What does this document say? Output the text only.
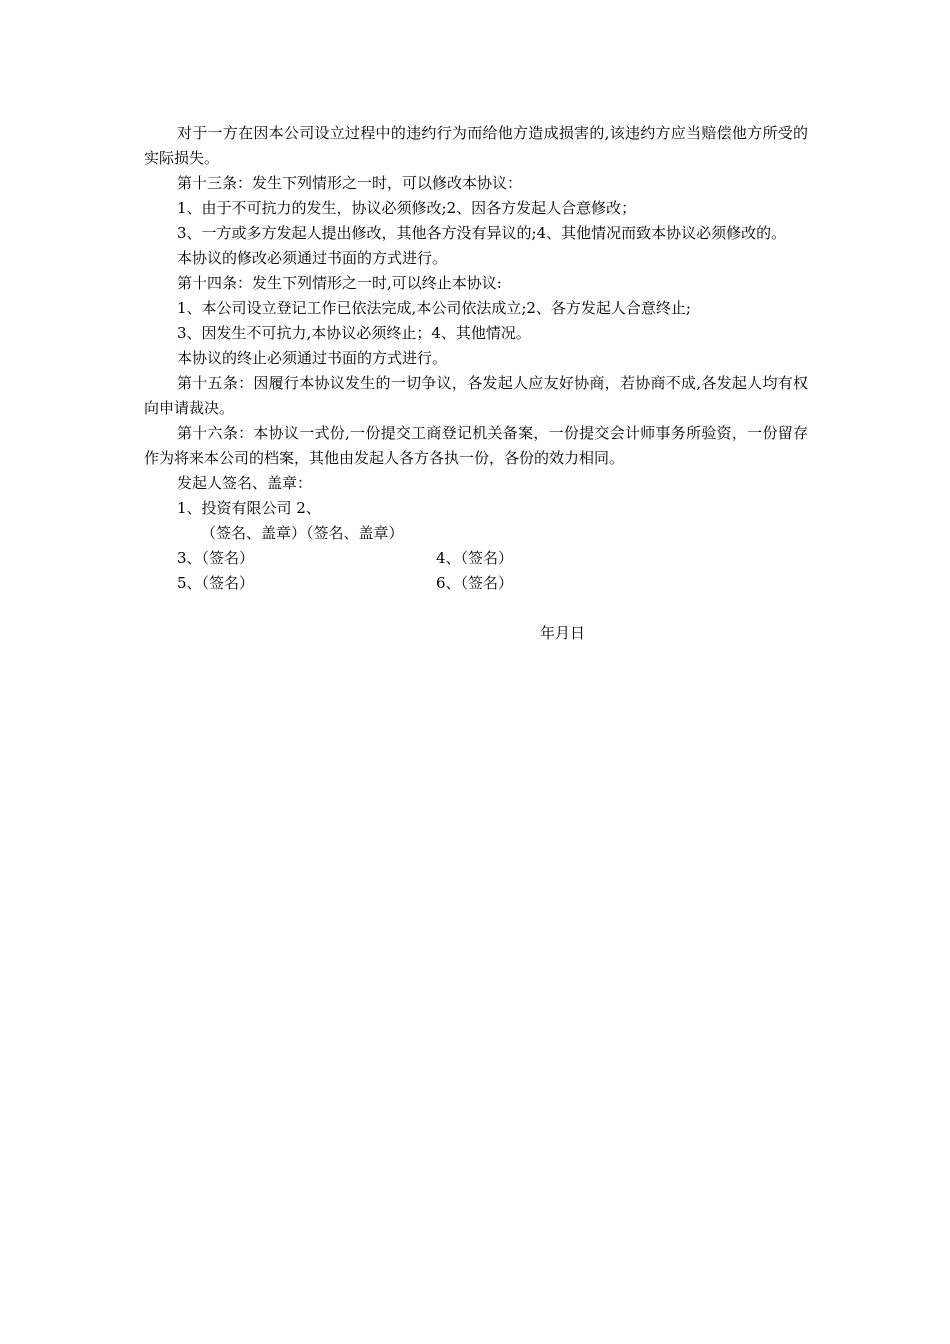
对于一方在因本公司设立过程中的违约行为而给他方造成损害的,该违约方应当赔偿他方所受的实际损失。

第十三条：发生下列情形之一时，可以修改本协议：

1、由于不可抗力的发生，协议必须修改;2、因各方发起人合意修改；

3、一方或多方发起人提出修改，其他各方没有异议的;4、其他情况而致本协议必须修改的。

本协议的修改必须通过书面的方式进行。

第十四条：发生下列情形之一时,可以终止本协议:

1、本公司设立登记工作已依法完成,本公司依法成立;2、各方发起人合意终止;

3、因发生不可抗力,本协议必须终止；4、其他情况。

本协议的终止必须通过书面的方式进行。

第十五条：因履行本协议发生的一切争议，各发起人应友好协商，若协商不成,各发起人均有权向申请裁决。

第十六条：本协议一式份,一份提交工商登记机关备案，一份提交会计师事务所验资，一份留存作为将来本公司的档案，其他由发起人各方各执一份，各份的效力相同。

发起人签名、盖章：

1、投资有限公司 2、
（签名、盖章）（签名、盖章）
3、（签名）	4、（签名）
5、（签名）	6、（签名）
年月日
